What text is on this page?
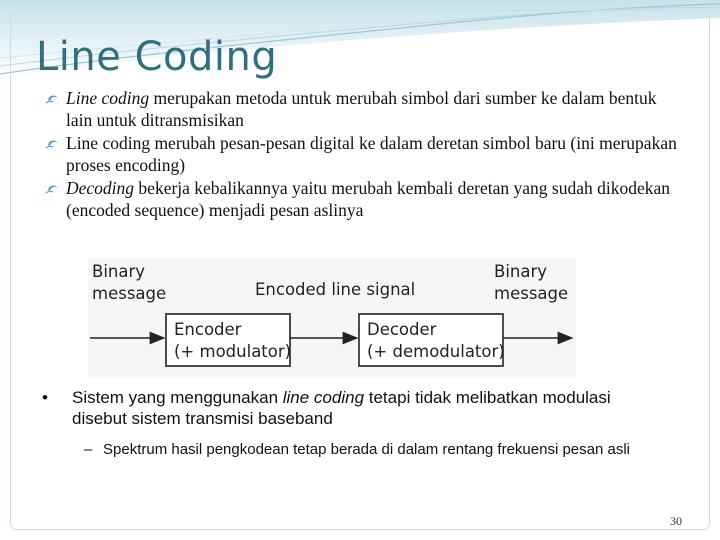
Line Coding
Line coding merupakan metoda untuk merubah simbol dari sumber ke dalam bentuk lain untuk ditransmisikan
Line coding merubah pesan-pesan digital ke dalam deretan simbol baru (ini merupakan proses encoding)
Decoding bekerja kebalikannya yaitu merubah kembali deretan yang sudah dikodekan (encoded sequence) menjadi pesan aslinya
Binary
message	Encoded line signal
Binary
message
Encoder
(+ modulator)
Decoder
(+ demodulator)
• Sistem yang menggunakan line coding tetapi tidak melibatkan modulasi disebut sistem transmisi baseband
– Spektrum hasil pengkodean tetap berada di dalam rentang frekuensi pesan asli
30
